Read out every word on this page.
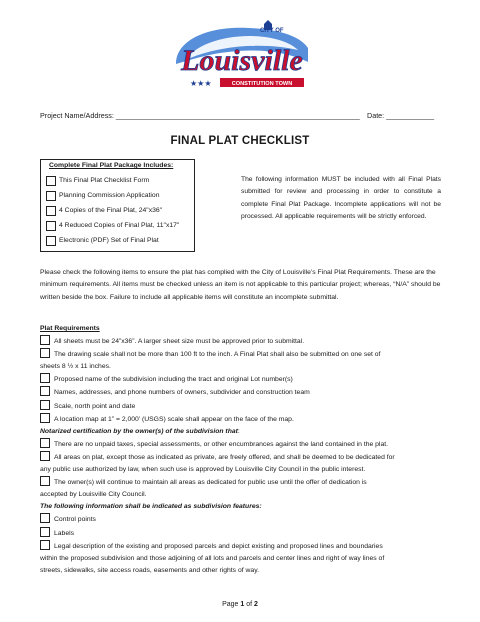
CITY OF
Louisville
★★★	CONSTITUTION TOWN
Project Name/Address: _____________________________________________________________ Date: ____________
FINAL PLAT CHECKLIST
Complete Final Plat Package Includes:
This Final Plat Checklist Form
Planning Commission Application
4 Copies of the Final Plat, 24"x36"
4 Reduced Copies of Final Plat, 11"x17"
Electronic (PDF) Set of Final Plat
The following information MUST be included with all Final Plats submitted for review and processing in order to constitute a complete Final Plat Package. Incomplete applications will not be processed. All applicable requirements will be strictly enforced.
Please check the following items to ensure the plat has complied with the City of Louisville’s Final Plat Requirements. These are the minimum requirements. All items must be checked unless an item is not applicable to this particular project; whereas, “N/A” should be written beside the box. Failure to include all applicable items will constitute an incomplete submittal.
Plat Requirements
All sheets must be 24”x36”. A larger sheet size must be approved prior to submittal.
The drawing scale shall not be more than 100 ft to the inch. A Final Plat shall also be submitted on one set of
sheets 8 ½ x 11 inches.
Proposed name of the subdivision including the tract and original Lot number(s)
Names, addresses, and phone numbers of owners, subdivider and construction team
Scale, north point and date
A location map at 1” = 2,000’ (USGS) scale shall appear on the face of the map.
Notarized certification by the owner(s) of the subdivision that:
There are no unpaid taxes, special assessments, or other encumbrances against the land contained in the plat.
All areas on plat, except those as indicated as private, are freely offered, and shall be deemed to be dedicated for
any public use authorized by law, when such use is approved by Louisville City Council in the public interest.
The owner(s) will continue to maintain all areas as dedicated for public use until the offer of dedication is
accepted by Louisville City Council.
The following information shall be indicated as subdivision features:
Control points
Labels
Legal description of the existing and proposed parcels and depict existing and proposed lines and boundaries
within the proposed subdivision and those adjoining of all lots and parcels and center lines and right of way lines of
streets, sidewalks, site access roads, easements and other rights of way.
Page 1 of 2
